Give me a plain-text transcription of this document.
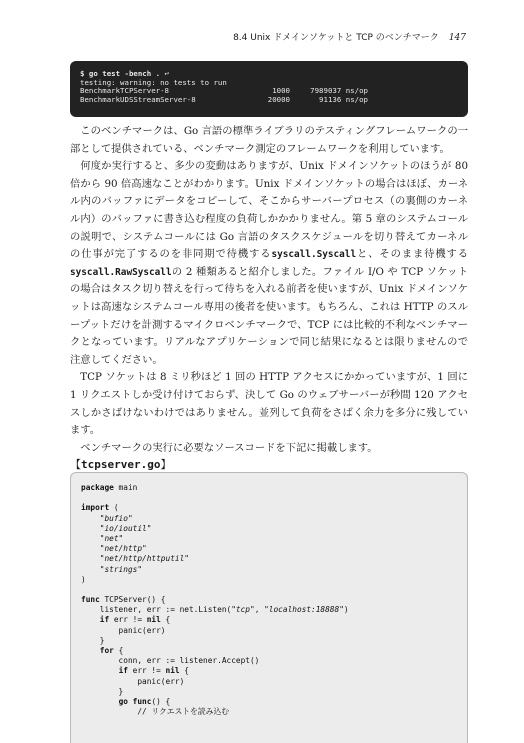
8.4 Unix ドメインソケットと TCP のベンチマーク 147
$ go test -bench . ↩
testing: warning: no tests to run
BenchmarkTCPServer-8	1000	7989037 ns/op
BenchmarkUDSStreamServer-8	20000	91136 ns/op

このベンチマークは、Go 言語の標準ライブラリのテスティングフレームワークの一部として提供されている、ベンチマーク測定のフレームワークを利用しています。

何度か実行すると、多少の変動はありますが、Unix ドメインソケットのほうが 80 倍から 90 倍高速なことがわかります。Unix ドメインソケットの場合はほぼ、カーネル内のバッファにデータをコピーして、そこからサーバープロセス（の裏側のカーネル内）のバッファに書き込む程度の負荷しかかかりません。第 5 章のシステムコールの説明で、システムコールには Go 言語のタスクスケジュールを切り替えてカーネルの仕事が完了するのを非同期で待機するsyscall.Syscallと、そのまま待機するsyscall.RawSyscallの 2 種類あると紹介しました。ファイル I/O や TCP ソケットの場合はタスク切り替えを行って待ちを入れる前者を使いますが、Unix ドメインソケットは高速なシステムコール専用の後者を使います。もちろん、これは HTTP のスループットだけを計測するマイクロベンチマークで、TCP には比較的不利なベンチマークとなっています。リアルなアプリケーションで同じ結果になるとは限りませんので注意してください。

TCP ソケットは 8 ミリ秒ほど 1 回の HTTP アクセスにかかっていますが、1 回に 1 リクエストしか受け付けておらず、決して Go のウェブサーバーが秒間 120 アクセスしかさばけないわけではありません。並列して負荷をさばく余力を多分に残しています。

ベンチマークの実行に必要なソースコードを下記に掲載します。

【tcpserver.go】
package main
import (
"bufio"
"io/ioutil"
"net"
"net/http"
"net/http/httputil"
"strings"
)
func TCPServer() {
listener, err := net.Listen("tcp", "localhost:18888")
if err != nil {
panic(err)
}
for {
conn, err := listener.Accept()
if err != nil {
panic(err)
}
go func() {
// リクエストを読み込む
